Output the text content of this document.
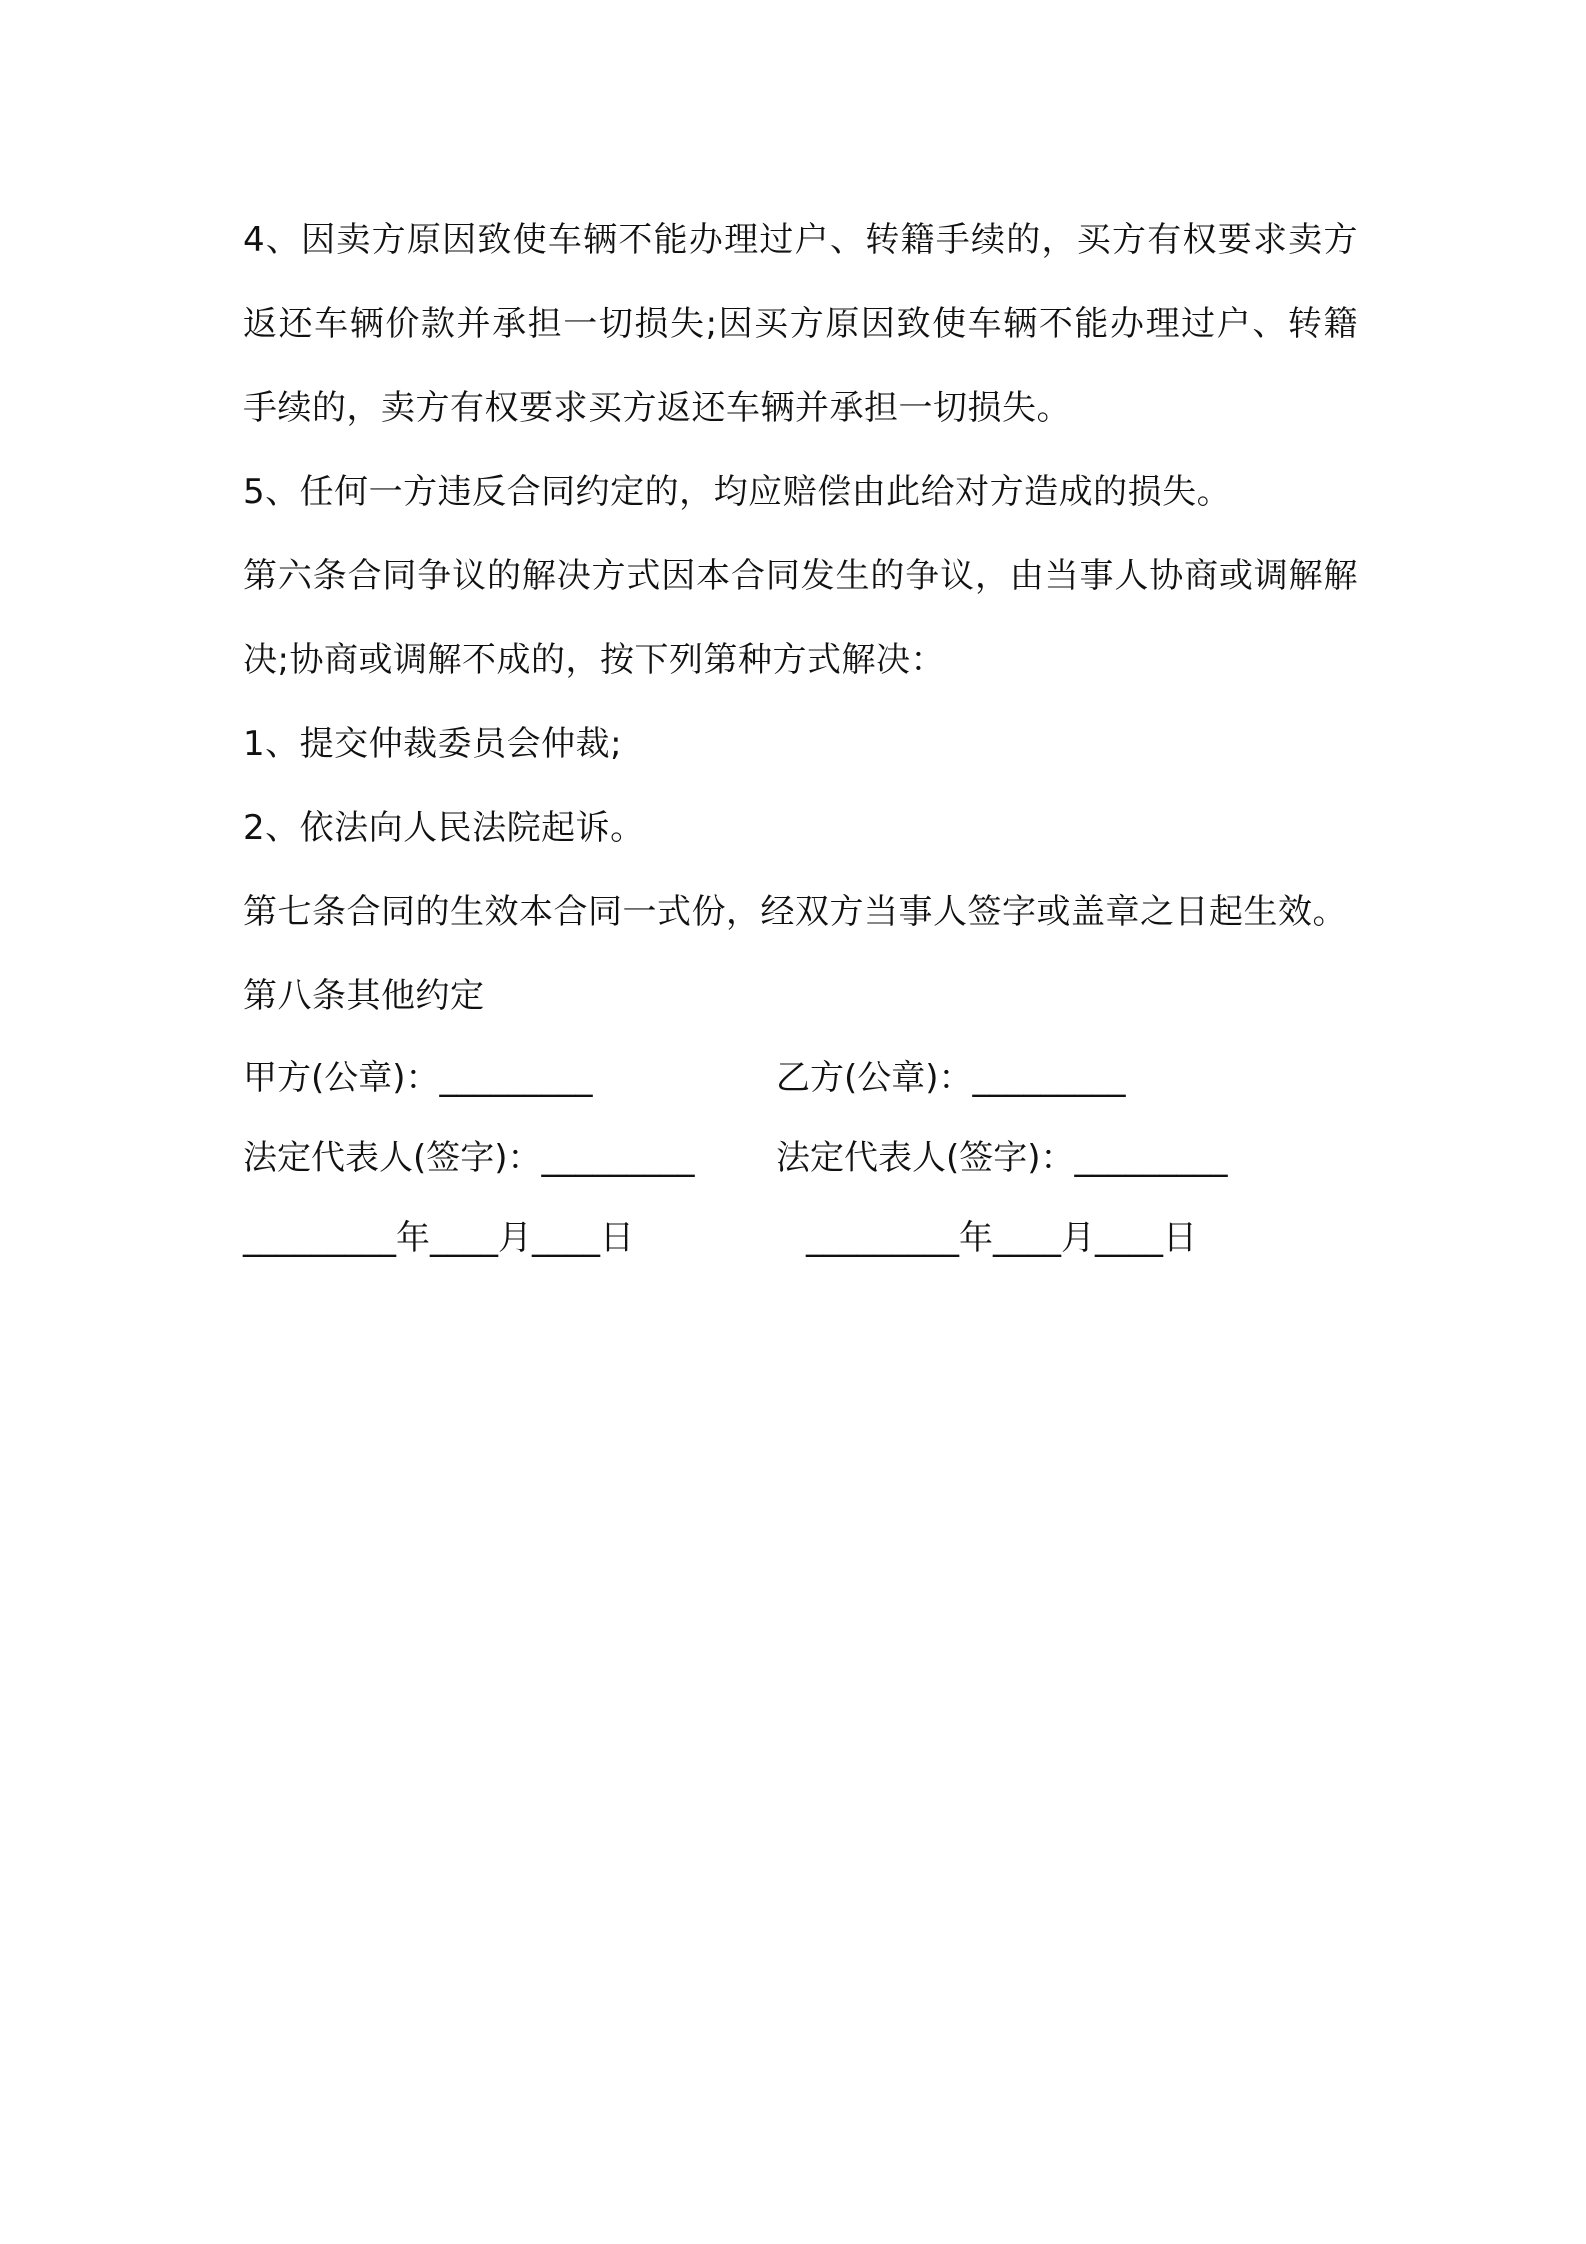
4、因卖方原因致使车辆不能办理过户、转籍手续的，买方有权要求卖方返还车辆价款并承担一切损失;因买方原因致使车辆不能办理过户、转籍手续的，卖方有权要求买方返还车辆并承担一切损失。

5、任何一方违反合同约定的，均应赔偿由此给对方造成的损失。

第六条合同争议的解决方式因本合同发生的争议，由当事人协商或调解解决;协商或调解不成的，按下列第种方式解决：

1、提交仲裁委员会仲裁;

2、依法向人民法院起诉。

第七条合同的生效本合同一式份，经双方当事人签字或盖章之日起生效。

第八条其他约定

甲方(公章)：_________	乙方(公章)：_________
法定代表人(签字)：_________	法定代表人(签字)：_________
_________年____月____日	_________年____月____日
